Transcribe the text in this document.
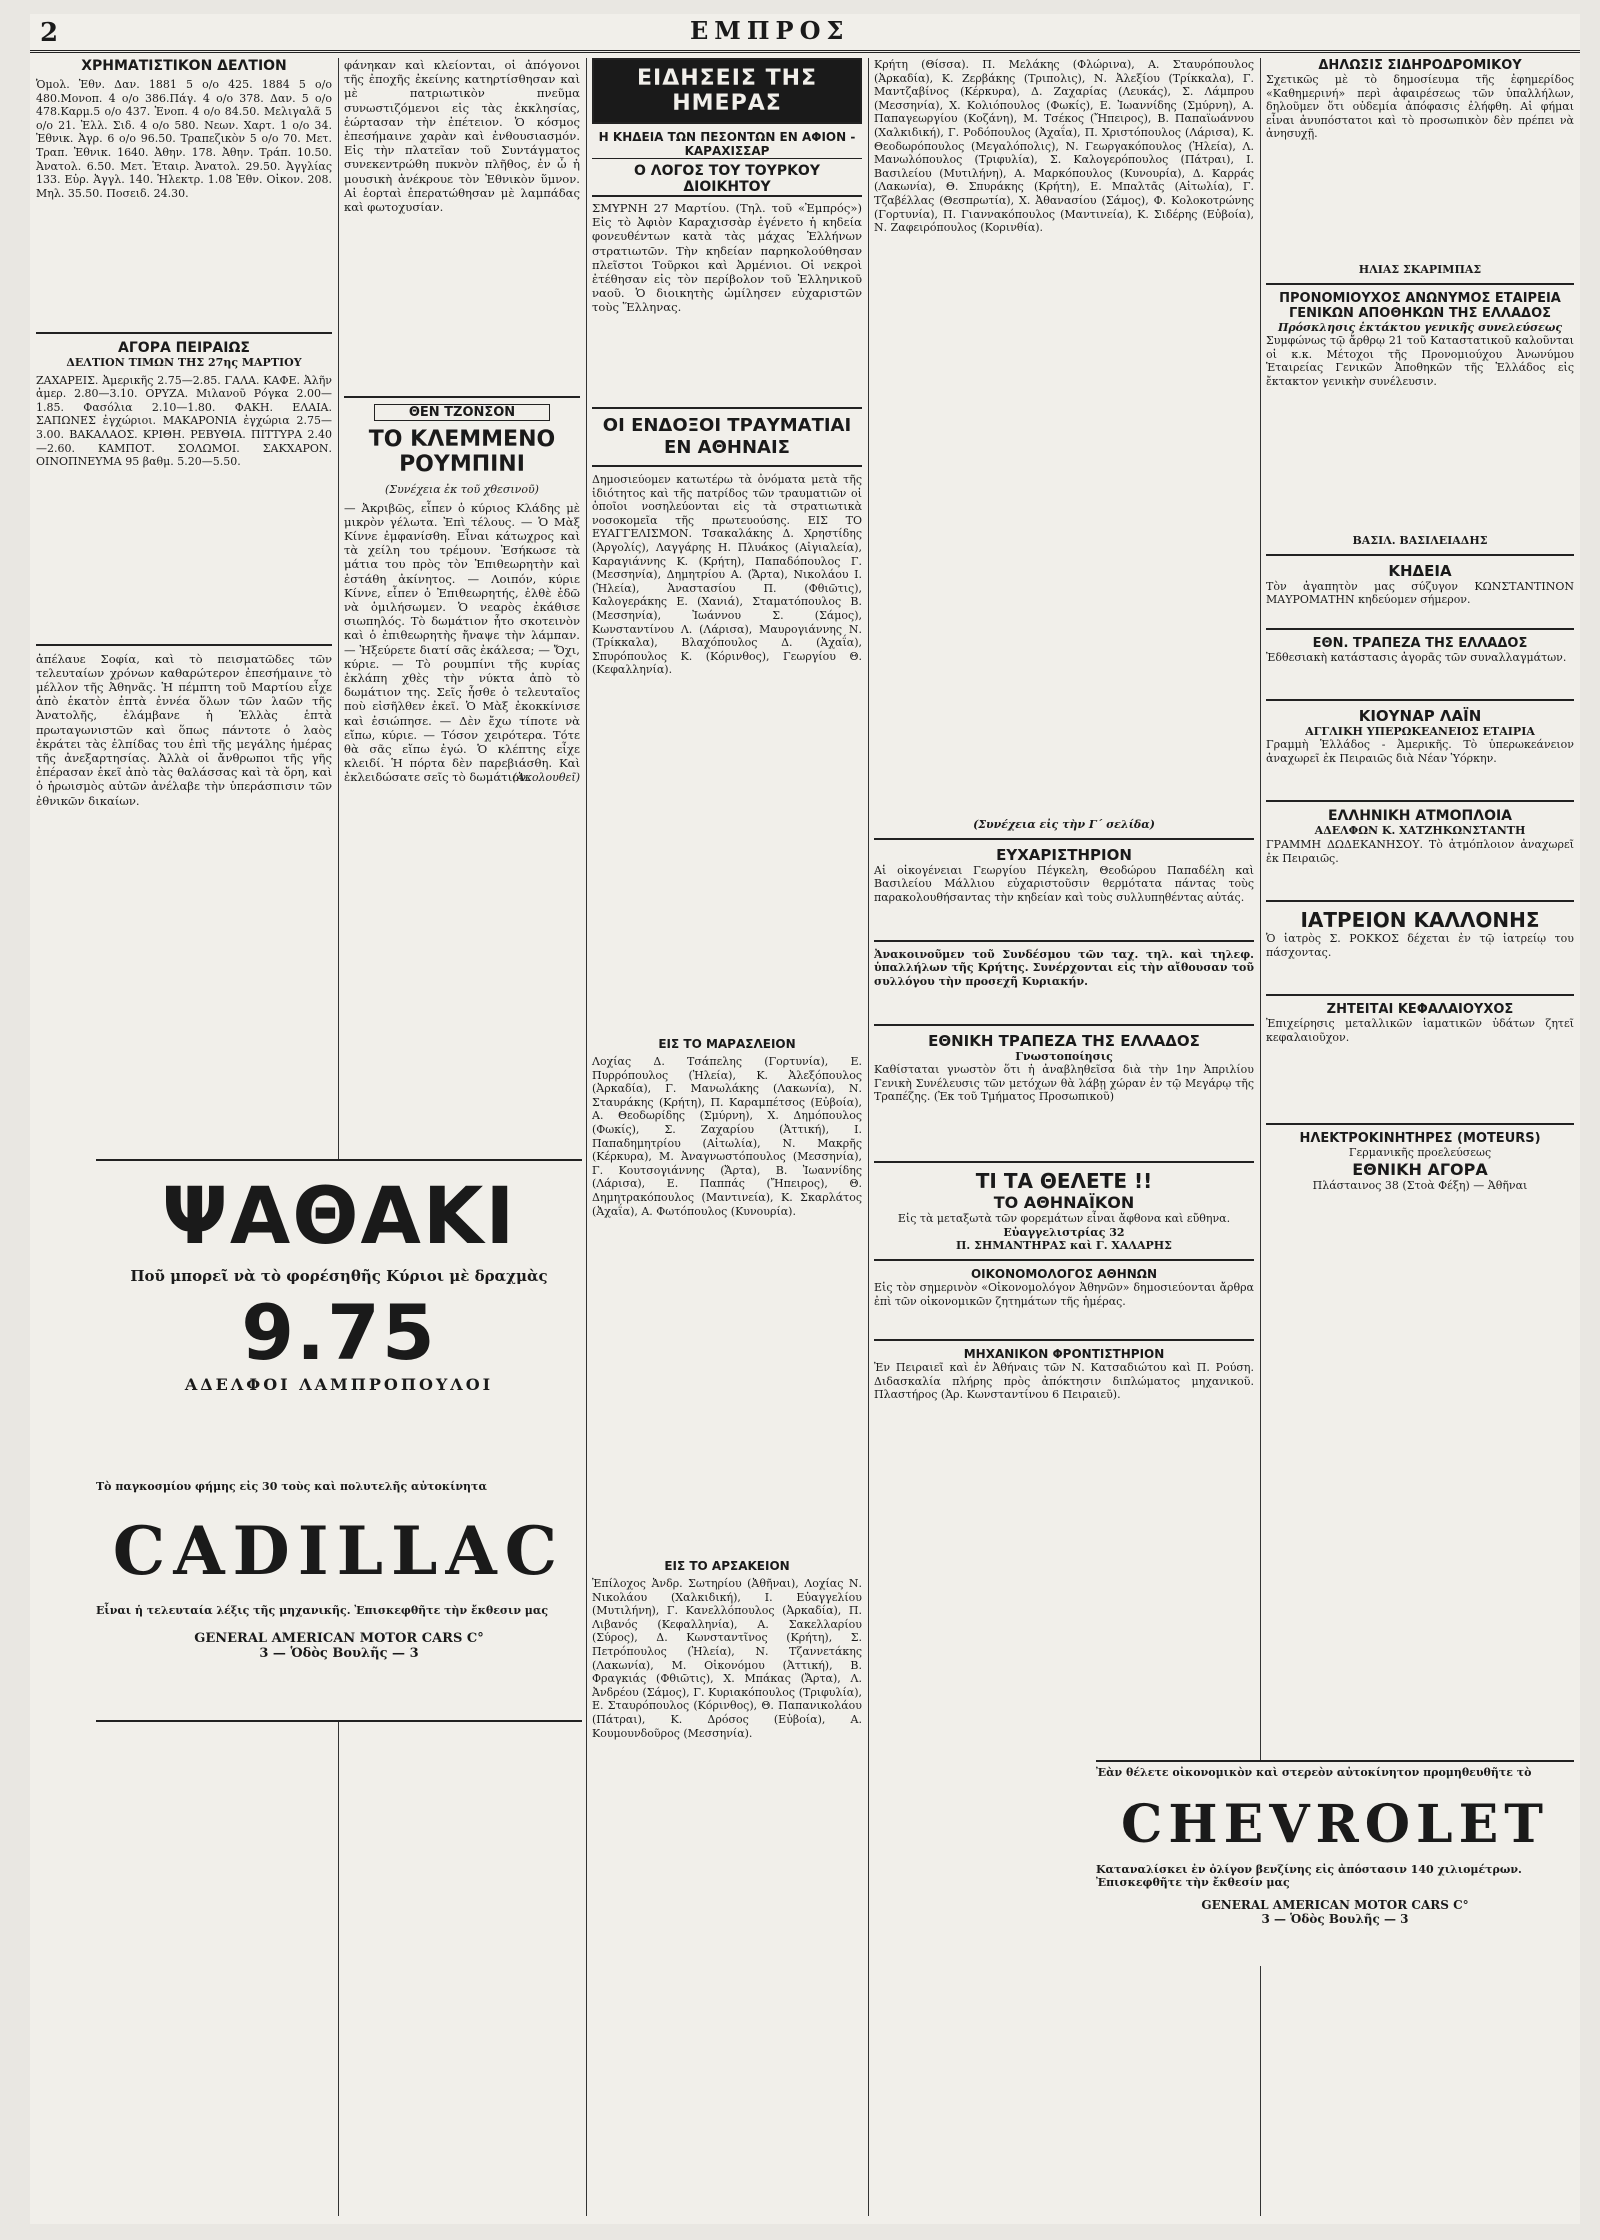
2	ΕΜΠΡΟΣ
ΧΡΗΜΑΤΙΣΤΙΚΟΝ ΔΕΛΤΙΟΝ
Ὁμολ. Ἐθν. Δαν. 1881 5 ο/ο 425. 1884 5 ο/ο 480.Μονοπ. 4 ο/ο 386.Πάγ. 4 ο/ο 378. Δαν. 5 ο/ο 478.Καρμ.5 ο/ο 437. Ἑνοπ. 4 ο/ο 84.50. Μελιγαλᾶ 5 ο/ο 21. Ἐλλ. Σιδ. 4 ο/ο 580. Νεων. Χαρτ. 1 ο/ο 34. Ἐθνικ. Ἀγρ. 6 ο/ο 96.50. Τραπεζικὸν 5 ο/ο 70. Μετ. Τραπ. Ἐθνικ. 1640. Ἀθην. 178. Ἀθην. Τράπ. 10.50. Ἀνατολ. 6.50. Μετ. Ἑταιρ. Ἀνατολ. 29.50. Ἀγγλίας 133. Εὐρ. Ἀγγλ. 140. Ἡλεκτρ. 1.08 Ἐθν. Οἰκον. 208. Μηλ. 35.50. Ποσειδ. 24.30.
ΑΓΟΡΑ ΠΕΙΡΑΙΩΣ
ΔΕΛΤΙΟΝ ΤΙΜΩΝ ΤΗΣ 27ης ΜΑΡΤΙΟΥ
ΖΑΧΑΡΕΙΣ. Ἀμερικῆς 2.75—2.85. ΓΑΛΑ. ΚΑΦΕ. Ἀλῆν ἀμερ. 2.80—3.10. ΟΡΥΖΑ. Μιλανοῦ Ρόγκα 2.00—1.85. Φασόλια 2.10—1.80. ΦΑΚΗ. ΕΛΑΙΑ. ΣΑΠΩΝΕΣ ἐγχώριοι. ΜΑΚΑΡΟΝΙΑ ἐγχώρια 2.75—3.00. ΒΑΚΑΛΑΟΣ. ΚΡΙΘΗ. ΡΕΒΥΘΙΑ. ΠΙΤΤΥΡΑ 2.40—2.60. ΚΑΜΠΟΤ. ΣΟΛΩΜΟΙ. ΣΑΚΧΑΡΟΝ. ΟΙΝΟΠΝΕΥΜΑ 95 βαθμ. 5.20—5.50.
ἀπέλαυε Σοφία, καὶ τὸ πεισματῶδες τῶν τελευταίων χρόνων καθαρώτερον ἐπεσήμαινε τὸ μέλλον τῆς Ἀθηνᾶς. Ἡ πέμπτη τοῦ Μαρτίου εἶχε ἀπὸ ἑκατὸν ἑπτὰ ἐννέα ὅλων τῶν λαῶν τῆς Ἀνατολῆς, ἐλάμβανε ἡ Ἑλλὰς ἑπτὰ πρωταγωνιστῶν καὶ ὅπως πάντοτε ὁ λαὸς ἐκράτει τὰς ἐλπίδας του ἐπὶ τῆς μεγάλης ἡμέρας τῆς ἀνεξαρτησίας. Ἀλλὰ οἱ ἄνθρωποι τῆς γῆς ἐπέρασαν ἐκεῖ ἀπὸ τὰς θαλάσσας καὶ τὰ ὄρη, καὶ ὁ ἡρωισμὸς αὐτῶν ἀνέλαβε τὴν ὑπεράσπισιν τῶν ἐθνικῶν δικαίων.
φάνηκαν καὶ κλείονται, οἱ ἀπόγονοι τῆς ἐποχῆς ἐκείνης κατηρτίσθησαν καὶ μὲ πατριωτικὸν πνεῦμα συνωστιζόμενοι εἰς τὰς ἐκκλησίας, ἑώρτασαν τὴν ἐπέτειον. Ὁ κόσμος ἐπεσήμαινε χαρὰν καὶ ἐνθουσιασμόν. Εἰς τὴν πλατεῖαν τοῦ Συντάγματος συνεκεντρώθη πυκνὸν πλῆθος, ἐν ὧ ἡ μουσικὴ ἀνέκρουε τὸν Ἐθνικὸν ὕμνον. Αἱ ἑορταὶ ἐπερατώθησαν μὲ λαμπάδας καὶ φωτοχυσίαν.
ΘΕΝ ΤΖΟΝΣΟΝ
ΤΟ ΚΛΕΜΜΕΝΟ ΡΟΥΜΠΙΝΙ
(Συνέχεια ἐκ τοῦ χθεσινοῦ)
— Ἀκριβῶς, εἶπεν ὁ κύριος Κλάδης μὲ μικρὸν γέλωτα. Ἐπὶ τέλους. — Ὁ Μὰξ Κίννε ἐμφανίσθη. Εἶναι κάτωχρος καὶ τὰ χείλη του τρέμουν. Ἐσήκωσε τὰ μάτια του πρὸς τὸν Ἐπιθεωρητὴν καὶ ἐστάθη ἀκίνητος. — Λοιπόν, κύριε Κίννε, εἶπεν ὁ Ἐπιθεωρητής, ἐλθὲ ἐδῶ νὰ ὁμιλήσωμεν. Ὁ νεαρὸς ἐκάθισε σιωπηλός. Τὸ δωμάτιον ἦτο σκοτεινὸν καὶ ὁ ἐπιθεωρητὴς ἤναψε τὴν λάμπαν. — Ἠξεύρετε διατί σᾶς ἐκάλεσα; — Ὄχι, κύριε. — Τὸ ρουμπίνι τῆς κυρίας ἐκλάπη χθὲς τὴν νύκτα ἀπὸ τὸ δωμάτιον της. Σεῖς ἦσθε ὁ τελευταῖος ποὺ εἰσῆλθεν ἐκεῖ. Ὁ Μὰξ ἐκοκκίνισε καὶ ἐσιώπησε. — Δὲν ἔχω τίποτε νὰ εἴπω, κύριε. — Τόσον χειρότερα. Τότε θὰ σᾶς εἴπω ἐγώ. Ὁ κλέπτης εἶχε κλειδί. Ἡ πόρτα δὲν παρεβιάσθη. Καὶ ἐκλειδώσατε σεῖς τὸ δωμάτιον.
(Ἀκολουθεῖ)
ΨΑΘΑΚΙ
Ποῦ μπορεῖ νὰ τὸ φορέσηθῆς Κύριοι μὲ δραχμὰς
9.75
ΑΔΕΛΦΟΙ ΛΑΜΠΡΟΠΟΥΛΟΙ
Τὸ παγκοσμίου φήμης εἰς 30 τοὺς καὶ πολυτελῆς αὐτοκίνητα
CADILLAC
Εἶναι ἡ τελευταία λέξις τῆς μηχανικῆς. Ἐπισκεφθῆτε τὴν ἔκθεσιν μας
GENERAL AMERICAN MOTOR CARS C°
3 — Ὁδὸς Βουλῆς — 3
ΕΙΔΗΣΕΙΣ ΤΗΣ ΗΜΕΡΑΣ
Η ΚΗΔΕΙΑ ΤΩΝ ΠΕΣΟΝΤΩΝ ΕΝ ΑΦΙΟΝ - ΚΑΡΑΧΙΣΣΑΡ
Ο ΛΟΓΟΣ ΤΟΥ ΤΟΥΡΚΟΥ ΔΙΟΙΚΗΤΟΥ
ΣΜΥΡΝΗ 27 Μαρτίου. (Τηλ. τοῦ «Ἐμπρός») Εἰς τὸ Ἀφιὸν Καραχισσὰρ ἐγένετο ἡ κηδεία φονευθέντων κατὰ τὰς μάχας Ἑλλήνων στρατιωτῶν. Τὴν κηδείαν παρηκολούθησαν πλεῖστοι Τοῦρκοι καὶ Ἀρμένιοι. Οἱ νεκροὶ ἐτέθησαν εἰς τὸν περίβολον τοῦ Ἑλληνικοῦ ναοῦ. Ὁ διοικητὴς ὡμίλησεν εὐχαριστῶν τοὺς Ἕλληνας.
ΟΙ ΕΝΔΟΞΟΙ ΤΡΑΥΜΑΤΙΑΙ ΕΝ ΑΘΗΝΑΙΣ
Δημοσιεύομεν κατωτέρω τὰ ὀνόματα μετὰ τῆς ἰδιότητος καὶ τῆς πατρίδος τῶν τραυματιῶν οἱ ὁποῖοι νοσηλεύονται εἰς τὰ στρατιωτικὰ νοσοκομεῖα τῆς πρωτευούσης. ΕΙΣ ΤΟ ΕΥΑΓΓΕΛΙΣΜΟΝ. Τσακαλάκης Δ. Χρηστίδης (Ἀργολίς), Λαγγάρης Η. Πλυάκος (Αἰγιαλεία), Καραγιάννης Κ. (Κρήτη), Παπαδόπουλος Γ. (Μεσσηνία), Δημητρίου Α. (Ἄρτα), Νικολάου Ι. (Ἠλεία), Ἀναστασίου Π. (Φθιῶτις), Καλογεράκης Ε. (Χανιά), Σταματόπουλος Β. (Μεσσηνία), Ἰωάννου Σ. (Σάμος), Κωνσταντίνου Λ. (Λάρισα), Μαυρογιάννης Ν. (Τρίκκαλα), Βλαχόπουλος Δ. (Ἀχαΐα), Σπυρόπουλος Κ. (Κόρινθος), Γεωργίου Θ. (Κεφαλληνία).
ΕΙΣ ΤΟ ΜΑΡΑΣΛΕΙΟΝ
Λοχίας Δ. Τσάπελης (Γορτυνία), Ε. Πυρρόπουλος (Ἠλεία), Κ. Ἀλεξόπουλος (Ἀρκαδία), Γ. Μανωλάκης (Λακωνία), Ν. Σταυράκης (Κρήτη), Π. Καραμπέτσος (Εὐβοία), Α. Θεοδωρίδης (Σμύρνη), Χ. Δημόπουλος (Φωκίς), Σ. Ζαχαρίου (Ἀττική), Ι. Παπαδημητρίου (Αἰτωλία), Ν. Μακρῆς (Κέρκυρα), Μ. Ἀναγνωστόπουλος (Μεσσηνία), Γ. Κουτσογιάννης (Ἄρτα), Β. Ἰωαννίδης (Λάρισα), Ε. Παππάς (Ἤπειρος), Θ. Δημητρακόπουλος (Μαντινεία), Κ. Σκαρλάτος (Ἀχαΐα), Α. Φωτόπουλος (Κυνουρία).
ΕΙΣ ΤΟ ΑΡΣΑΚΕΙΟΝ
Ἐπίλοχος Ἀνδρ. Σωτηρίου (Ἀθῆναι), Λοχίας Ν. Νικολάου (Χαλκιδική), Ι. Εὐαγγελίου (Μυτιλήνη), Γ. Κανελλόπουλος (Ἀρκαδία), Π. Λιβανός (Κεφαλληνία), Α. Σακελλαρίου (Σύρος), Δ. Κωνσταντῖνος (Κρήτη), Σ. Πετρόπουλος (Ἠλεία), Ν. Τζαννετάκης (Λακωνία), Μ. Οἰκονόμου (Ἀττική), Β. Φραγκιάς (Φθιῶτις), Χ. Μπάκας (Ἄρτα), Λ. Ἀνδρέου (Σάμος), Γ. Κυριακόπουλος (Τριφυλία), Ε. Σταυρόπουλος (Κόρινθος), Θ. Παπανικολάου (Πάτραι), Κ. Δρόσος (Εὐβοία), Α. Κουμουνδοῦρος (Μεσσηνία).
Κρήτη (Θίσσα). Π. Μελάκης (Φλώρινα), Α. Σταυρόπουλος (Ἀρκαδία), Κ. Ζερβάκης (Τριπολις), Ν. Ἀλεξίου (Τρίκκαλα), Γ. Μαντζαβίνος (Κέρκυρα), Δ. Ζαχαρίας (Λευκάς), Σ. Λάμπρου (Μεσσηνία), Χ. Κολιόπουλος (Φωκίς), Ε. Ἰωαννίδης (Σμύρνη), Α. Παπαγεωργίου (Κοζάνη), Μ. Τσέκος (Ἤπειρος), Β. Παπαϊωάννου (Χαλκιδική), Γ. Ροδόπουλος (Ἀχαΐα), Π. Χριστόπουλος (Λάρισα), Κ. Θεοδωρόπουλος (Μεγαλόπολις), Ν. Γεωργακόπουλος (Ἠλεία), Λ. Μανωλόπουλος (Τριφυλία), Σ. Καλογερόπουλος (Πάτραι), Ι. Βασιλείου (Μυτιλήνη), Α. Μαρκόπουλος (Κυνουρία), Δ. Καρράς (Λακωνία), Θ. Σπυράκης (Κρήτη), Ε. Μπαλτᾶς (Αἰτωλία), Γ. Τζαβέλλας (Θεσπρωτία), Χ. Ἀθανασίου (Σάμος), Φ. Κολοκοτρώνης (Γορτυνία), Π. Γιαννακόπουλος (Μαντινεία), Κ. Σιδέρης (Εὐβοία), Ν. Ζαφειρόπουλος (Κορινθία).
(Συνέχεια εἰς τὴν Γ´ σελίδα)
ΕΥΧΑΡΙΣΤΗΡΙΟΝ
Αἱ οἰκογένειαι Γεωργίου Πέγκελη, Θεοδώρου Παπαδέλη καὶ Βασιλείου Μάλλιου εὐχαριστοῦσιν θερμότατα πάντας τοὺς παρακολουθήσαντας τὴν κηδείαν καὶ τοὺς συλλυπηθέντας αὐτάς.
Ἀνακοινοῦμεν τοῦ Συνδέσμου τῶν ταχ. τηλ. καὶ τηλεφ. ὑπαλλήλων τῆς Κρήτης. Συνέρχονται εἰς τὴν αἴθουσαν τοῦ συλλόγου τὴν προσεχῆ Κυριακήν.
ΕΘΝΙΚΗ ΤΡΑΠΕΖΑ ΤΗΣ ΕΛΛΑΔΟΣ
Γνωστοποίησις
Καθίσταται γνωστὸν ὅτι ἡ ἀναβληθεῖσα διὰ τὴν 1ην Ἀπριλίου Γενικὴ Συνέλευσις τῶν μετόχων θὰ λάβῃ χώραν ἐν τῷ Μεγάρῳ τῆς Τραπέζης. (Ἐκ τοῦ Τμήματος Προσωπικοῦ)
ΤΙ ΤΑ ΘΕΛΕΤΕ !!
ΤΟ ΑΘΗΝΑΪΚΟΝ
Εἰς τὰ μεταξωτὰ τῶν φορεμάτων εἶναι ἄφθονα καὶ εὔθηνα.
Εὐαγγελιστρίας 32
Π. ΣΗΜΑΝΤΗΡΑΣ καὶ Γ. ΧΑΛΑΡΗΣ
ΟΙΚΟΝΟΜΟΛΟΓΟΣ ΑΘΗΝΩΝ
Εἰς τὸν σημερινὸν «Οἰκονομολόγον Ἀθηνῶν» δημοσιεύονται ἄρθρα ἐπὶ τῶν οἰκονομικῶν ζητημάτων τῆς ἡμέρας.
ΜΗΧΑΝΙΚΟΝ ΦΡΟΝΤΙΣΤΗΡΙΟΝ
Ἐν Πειραιεῖ καὶ ἐν Ἀθήναις τῶν Ν. Κατσαδιώτου καὶ Π. Ρούση. Διδασκαλία πλήρης πρὸς ἀπόκτησιν διπλώματος μηχανικοῦ. Πλαστήρος (Ἀρ. Κωνσταντίνου 6 Πειραιεῦ).
ΔΗΛΩΣΙΣ ΣΙΔΗΡΟΔΡΟΜΙΚΟΥ
Σχετικῶς μὲ τὸ δημοσίευμα τῆς ἐφημερίδος «Καθημερινή» περὶ ἀφαιρέσεως τῶν ὑπαλλήλων, δηλοῦμεν ὅτι οὐδεμία ἀπόφασις ἐλήφθη. Αἱ φήμαι εἶναι ἀνυπόστατοι καὶ τὸ προσωπικὸν δὲν πρέπει νὰ ἀνησυχῇ.
ΗΛΙΑΣ ΣΚΑΡΙΜΠΑΣ
ΠΡΟΝΟΜΙΟΥΧΟΣ ΑΝΩΝΥΜΟΣ ΕΤΑΙΡΕΙΑ ΓΕΝΙΚΩΝ ΑΠΟΘΗΚΩΝ ΤΗΣ ΕΛΛΑΔΟΣ
Πρόσκλησις ἐκτάκτου γενικῆς συνελεύσεως
Συμφώνως τῷ ἄρθρῳ 21 τοῦ Καταστατικοῦ καλοῦνται οἱ κ.κ. Μέτοχοι τῆς Προνομιούχου Ἀνωνύμου Ἑταιρείας Γενικῶν Ἀποθηκῶν τῆς Ἑλλάδος εἰς ἔκτακτον γενικὴν συνέλευσιν.
ΒΑΣΙΛ. ΒΑΣΙΛΕΙΑΔΗΣ
ΚΗΔΕΙΑ
Τὸν ἀγαπητὸν μας σύζυγον ΚΩΝΣΤΑΝΤΙΝΟΝ ΜΑΥΡΟΜΑΤΗΝ κηδεύομεν σήμερον.
ΕΘΝ. ΤΡΑΠΕΖΑ ΤΗΣ ΕΛΛΑΔΟΣ
Ἐδθεσιακὴ κατάστασις ἀγορᾶς τῶν συναλλαγμάτων.
ΚΙΟΥΝΑΡ ΛΑΪΝ
ΑΓΓΛΙΚΗ ΥΠΕΡΩΚΕΑΝΕΙΟΣ ΕΤΑΙΡΙΑ
Γραμμὴ Ἑλλάδος - Ἀμερικῆς. Τὸ ὑπερωκεάνειον ἀναχωρεῖ ἐκ Πειραιῶς διὰ Νέαν Ὑόρκην.
ΕΛΛΗΝΙΚΗ ΑΤΜΟΠΛΟΙΑ
ΑΔΕΛΦΩΝ Κ. ΧΑΤΖΗΚΩΝΣΤΑΝΤΗ
ΓΡΑΜΜΗ ΔΩΔΕΚΑΝΗΣΟΥ. Τὸ ἀτμόπλοιον ἀναχωρεῖ ἐκ Πειραιῶς.
ΙΑΤΡΕΙΟΝ ΚΑΛΛΟΝΗΣ
Ὁ ἰατρὸς Σ. ΡΟΚΚΟΣ δέχεται ἐν τῷ ἰατρείῳ του πάσχοντας.
ΖΗΤΕΙΤΑΙ ΚΕΦΑΛΑΙΟΥΧΟΣ
Ἐπιχείρησις μεταλλικῶν ἰαματικῶν ὑδάτων ζητεῖ κεφαλαιοῦχον.
ΗΛΕΚΤΡΟΚΙΝΗΤΗΡΕΣ (MOTEURS)
Γερμανικῆς προελεύσεως
ΕΘΝΙΚΗ ΑΓΟΡΑ
Πλάσταινος 38 (Στοὰ Φέξη) — Ἀθῆναι
Ἐὰν θέλετε οἰκονομικὸν καὶ στερεὸν αὐτοκίνητον προμηθευθῆτε τὸ
CHEVROLET
Καταναλίσκει ἐν ὀλίγον βενζίνης εἰς ἀπόστασιν 140 χιλιομέτρων. Ἐπισκεφθῆτε τὴν ἔκθεσίν μας
GENERAL AMERICAN MOTOR CARS C°
3 — Ὁδὸς Βουλῆς — 3
